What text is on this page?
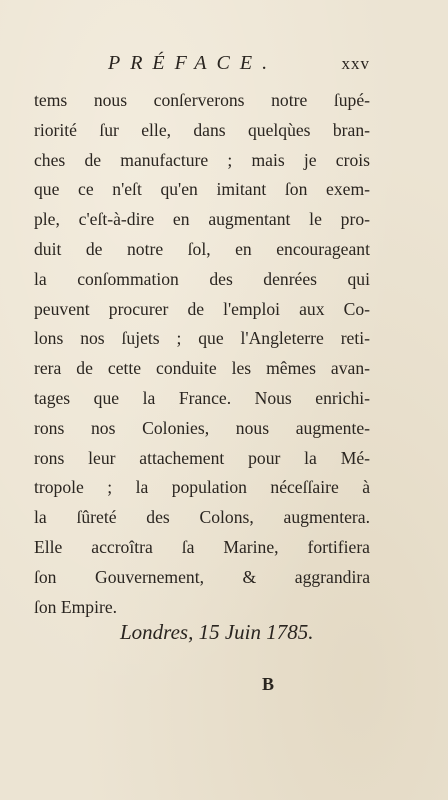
PRÉFACE.	xxv
tems nous conſerverons notre ſupé-
riorité ſur elle, dans quelqùes bran-
ches de manufacture ; mais je crois
que ce n'eſt qu'en imitant ſon exem-
ple, c'eſt-à-dire en augmentant le pro-
duit de notre ſol, en encourageant
la conſommation des denrées qui
peuvent procurer de l'emploi aux Co-
lons nos ſujets ; que l'Angleterre reti-
rera de cette conduite les mêmes avan-
tages que la France. Nous enrichi-
rons nos Colonies, nous augmente-
rons leur attachement pour la Mé-
tropole ; la population néceſſaire à
la ſûreté des Colons, augmentera.
Elle accroîtra ſa Marine, fortifiera
ſon Gouvernement, & aggrandira
ſon Empire.
Londres, 15 Juin 1785.
B
